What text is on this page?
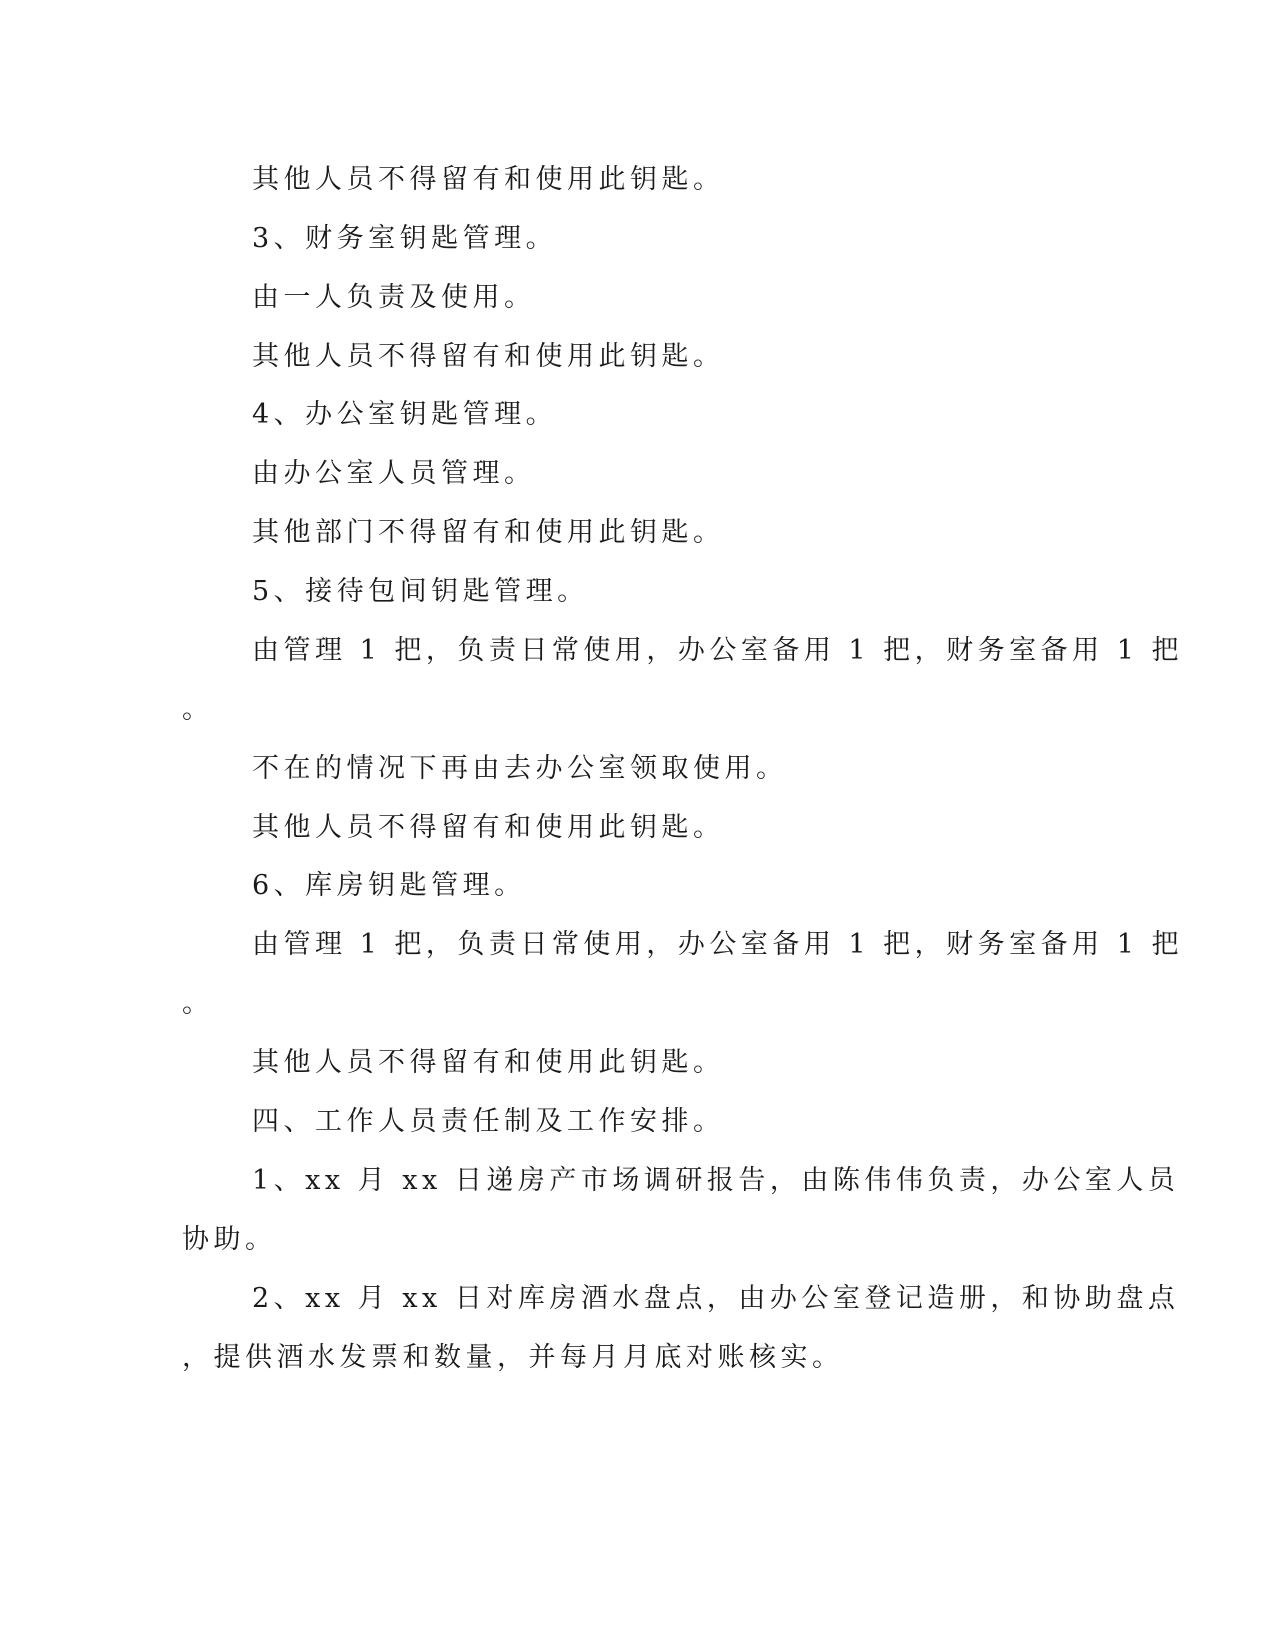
其他人员不得留有和使用此钥匙。

3、财务室钥匙管理。

由一人负责及使用。

其他人员不得留有和使用此钥匙。

4、办公室钥匙管理。

由办公室人员管理。

其他部门不得留有和使用此钥匙。

5、接待包间钥匙管理。

由管理 1 把，负责日常使用，办公室备用 1 把，财务室备用 1 把

。

不在的情况下再由去办公室领取使用。

其他人员不得留有和使用此钥匙。

6、库房钥匙管理。

由管理 1 把，负责日常使用，办公室备用 1 把，财务室备用 1 把

。

其他人员不得留有和使用此钥匙。

四、工作人员责任制及工作安排。

1、xx 月 xx 日递房产市场调研报告，由陈伟伟负责，办公室人员

协助。

2、xx 月 xx 日对库房酒水盘点，由办公室登记造册，和协助盘点

，提供酒水发票和数量，并每月月底对账核实。
